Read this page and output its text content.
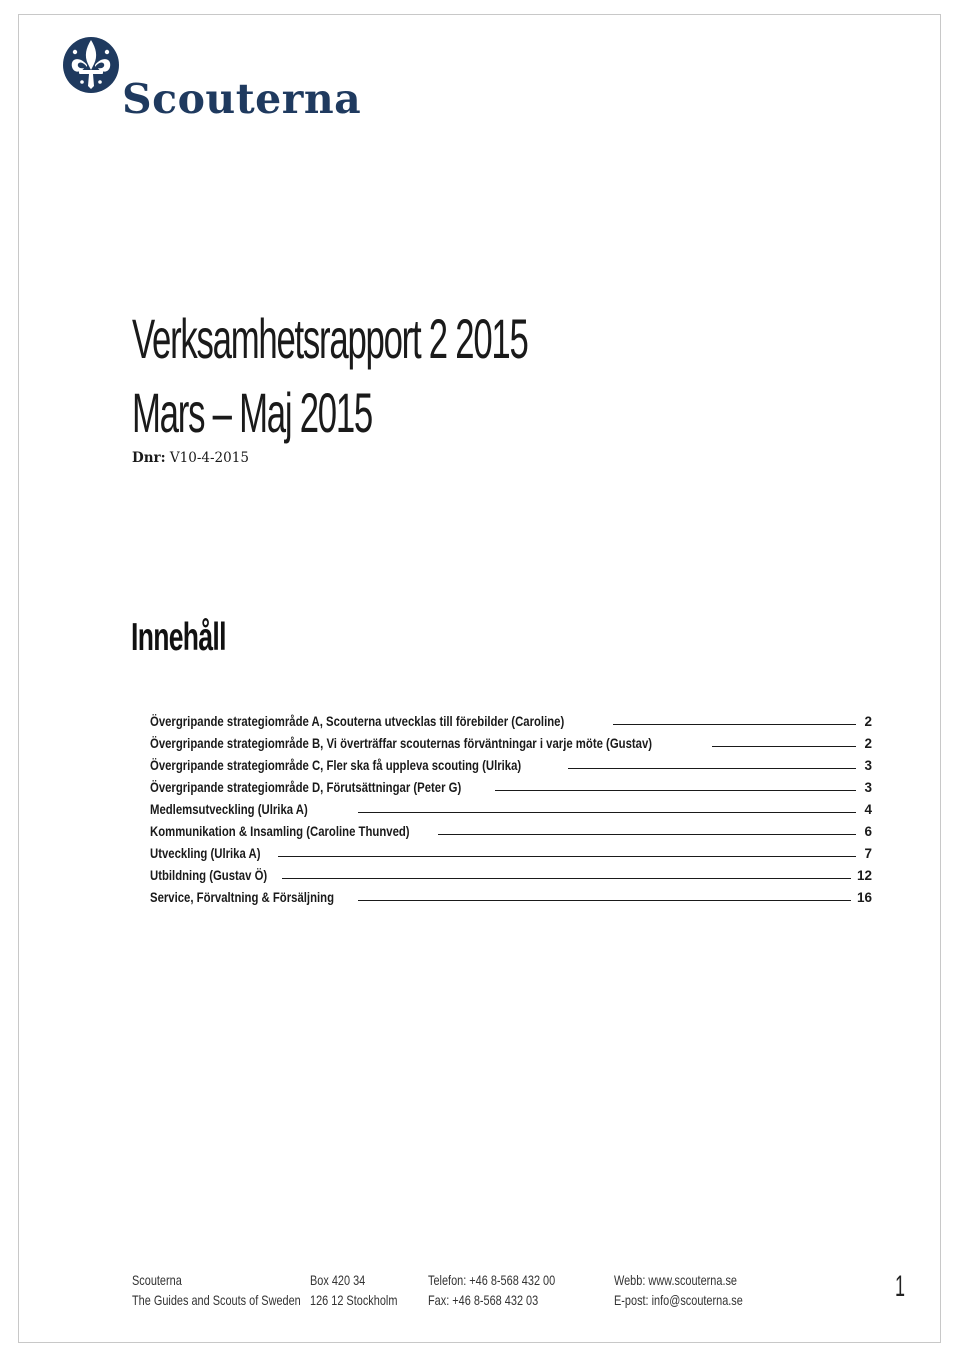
Scouterna
Verksamhetsrapport 2 2015
Mars – Maj 2015
Dnr: V10-4-2015
Innehåll
Övergripande strategiområde A, Scouterna utvecklas till förebilder (Caroline)	2
Övergripande strategiområde B, Vi överträffar scouternas förväntningar i varje möte (Gustav)	2
Övergripande strategiområde C, Fler ska få uppleva scouting (Ulrika)	3
Övergripande strategiområde D, Förutsättningar (Peter G)	3
Medlemsutveckling (Ulrika A)	4
Kommunikation & Insamling (Caroline Thunved)	6
Utveckling (Ulrika A)	7
Utbildning (Gustav Ö)	12
Service, Förvaltning & Försäljning	16
Scouterna
The Guides and Scouts of Sweden
Box 420 34
126 12 Stockholm
Telefon: +46 8-568 432 00
Fax: +46 8-568 432 03
Webb: www.scouterna.se
E-post: info@scouterna.se	1
